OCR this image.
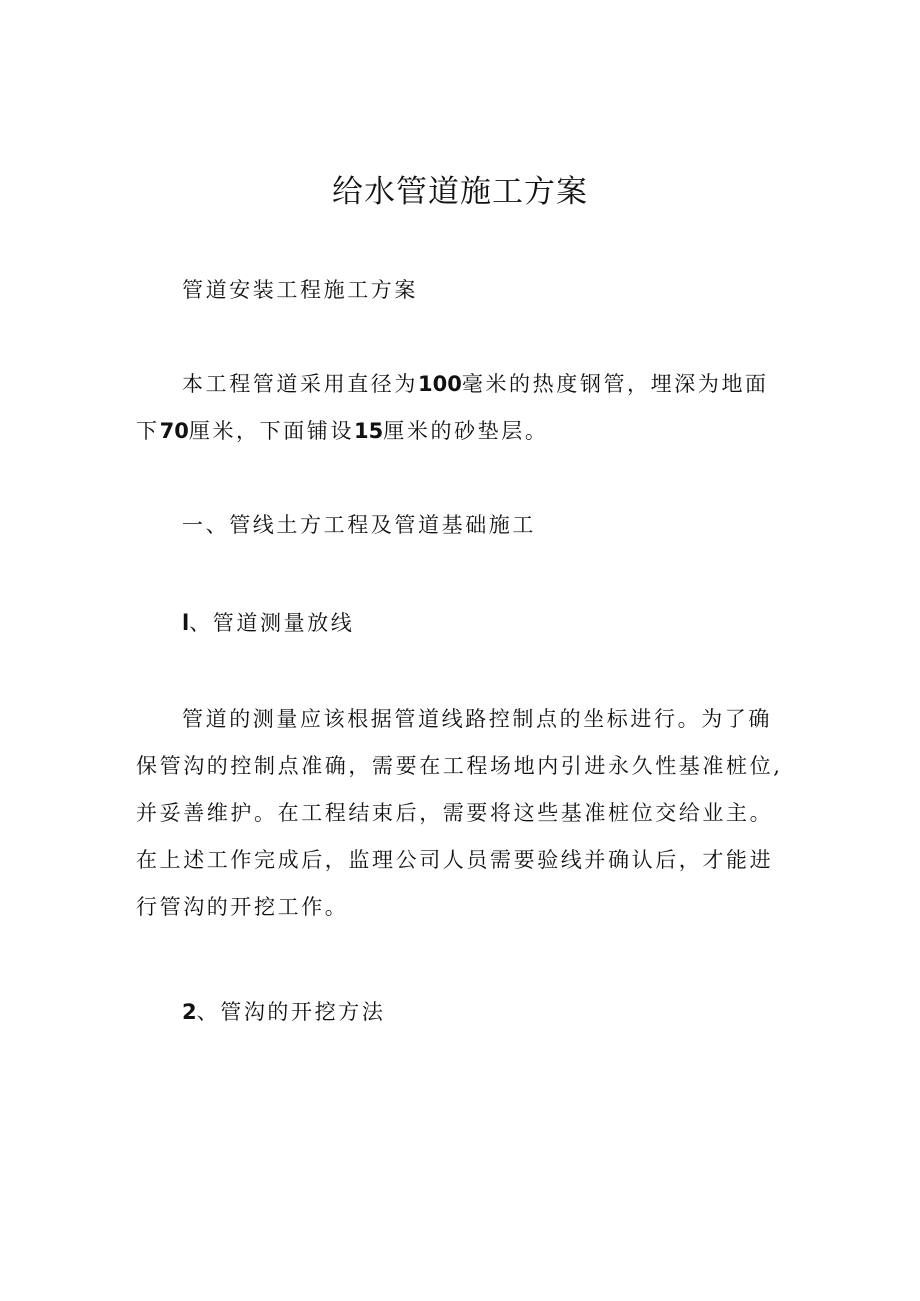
给水管道施工方案

管道安装工程施工方案

本工程管道采用直径为100毫米的热度钢管，埋深为地面下70厘米，下面铺设15厘米的砂垫层。

一、管线土方工程及管道基础施工

l、管道测量放线

管道的测量应该根据管道线路控制点的坐标进行。为了确保管沟的控制点准确，需要在工程场地内引进永久性基准桩位,并妥善维护。在工程结束后，需要将这些基准桩位交给业主。在上述工作完成后，监理公司人员需要验线并确认后，才能进行管沟的开挖工作。

2、管沟的开挖方法
